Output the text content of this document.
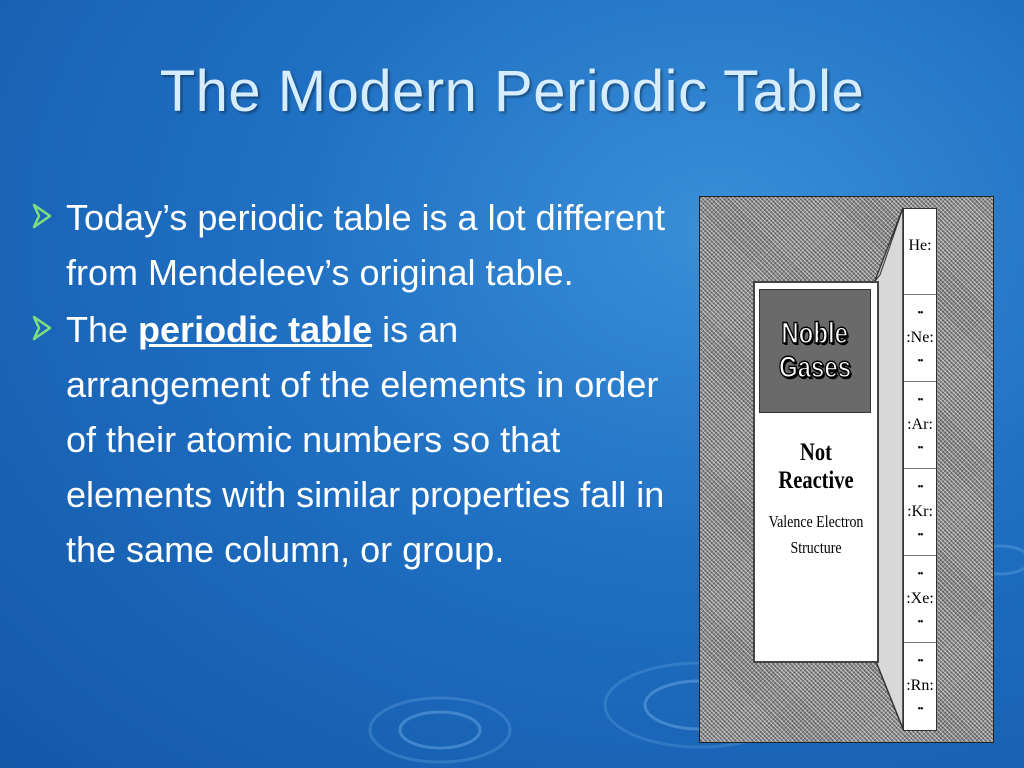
The Modern Periodic Table
Today’s periodic table is a lot different from Mendeleev’s original table.
The periodic table is an arrangement of the elements in order of their atomic numbers so that elements with similar properties fall in the same column, or group.
Noble
Gases
Not Reactive
Valence Electron
Structure
He:
••
:Ne:
••
••
:Ar:
••
••
:Kr:
••
••
:Xe:
••
••
:Rn:
••
